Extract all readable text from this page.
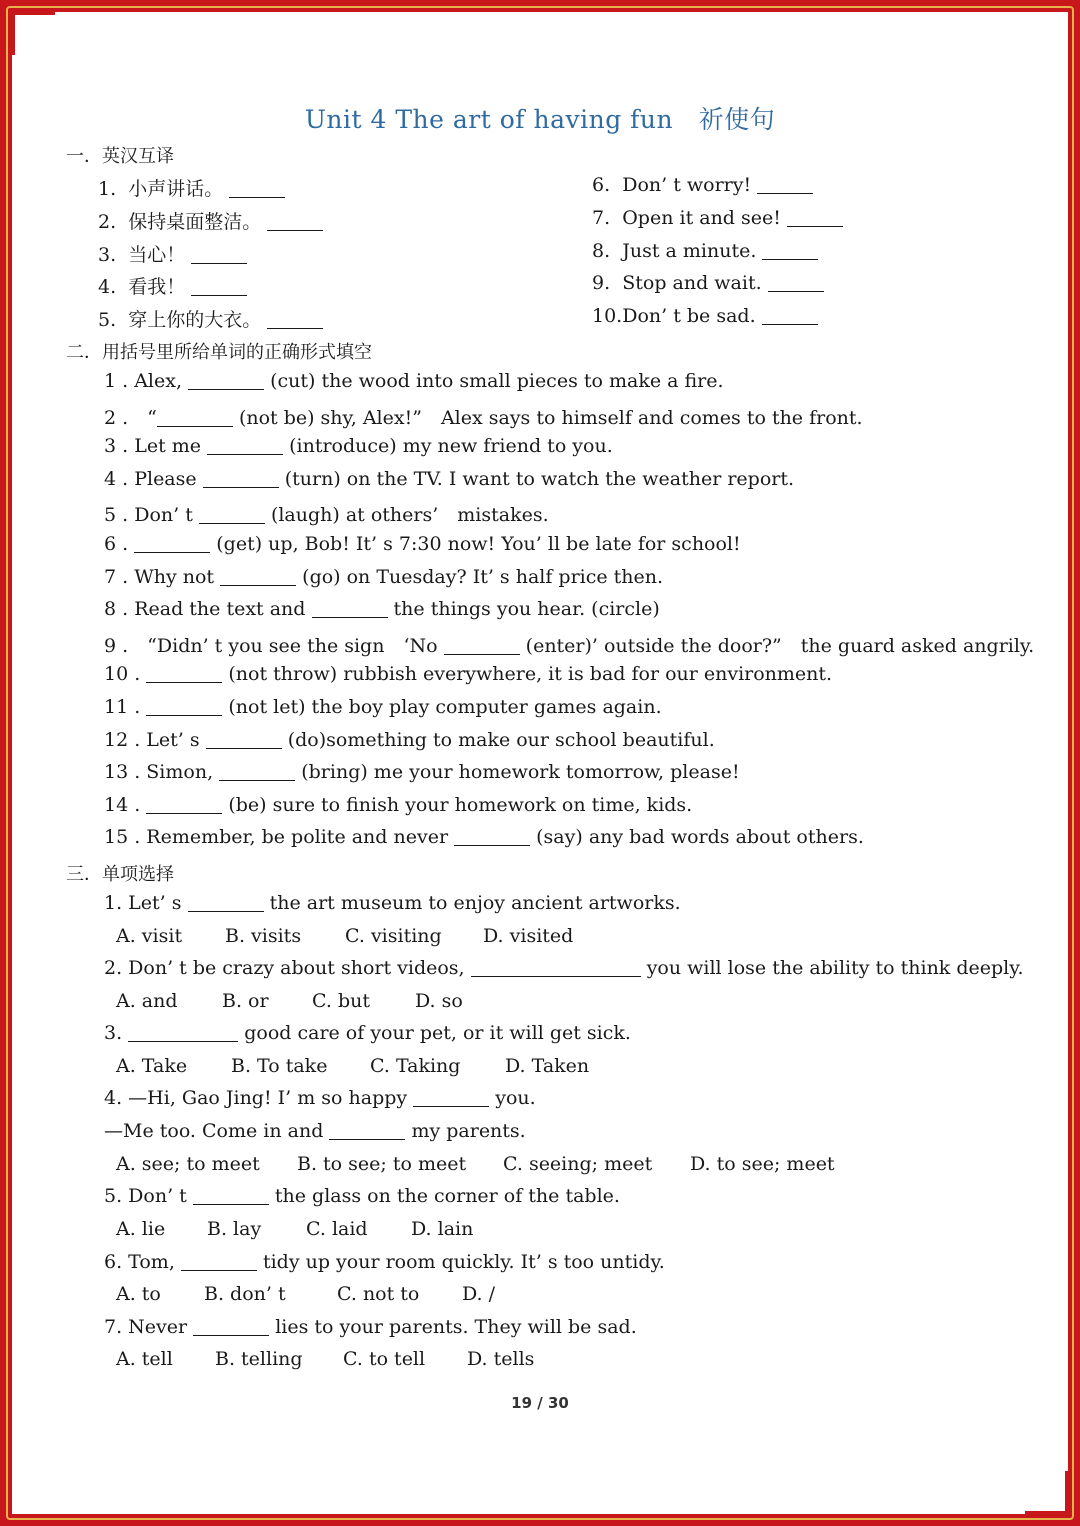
Unit 4 The art of having fun　祈使句
一．英汉互译
1. 小声讲话。
2. 保持桌面整洁。
3. 当心！
4. 看我！
5. 穿上你的大衣。
6. Don’ t worry!
7. Open it and see!
8. Just a minute.
9. Stop and wait.
10.Don’ t be sad.
二．用括号里所给单词的正确形式填空
1 . Alex,	(cut) the wood into small pieces to make a fire.
2 .　“	(not be) shy, Alex!”　Alex says to himself and comes to the front.
3 . Let me	(introduce) my new friend to you.
4 . Please	(turn) on the TV. I want to watch the weather report.
5 . Don’ t	(laugh) at others’　mistakes.
6 .	(get) up, Bob! It’ s 7:30 now! You’ ll be late for school!
7 . Why not	(go) on Tuesday? It’ s half price then.
8 . Read the text and	the things you hear. (circle)
9 .　“Didn’ t you see the sign　‘No	(enter)’ outside the door?”　the guard asked angrily.
10 .	(not throw) rubbish everywhere, it is bad for our environment.
11 .	(not let) the boy play computer games again.
12 . Let’ s	(do)something to make our school beautiful.
13 . Simon,	(bring) me your homework tomorrow, please!
14 .	(be) sure to finish your homework on time, kids.
15 . Remember, be polite and never	(say) any bad words about others.
三．单项选择
1. Let’ s	the art museum to enjoy ancient artworks.
A. visit B. visits C. visiting D. visited
2. Don’ t be crazy about short videos,	you will lose the ability to think deeply.
A. and B. or C. but D. so
3.	good care of your pet, or it will get sick.
A. Take B. To take C. Taking D. Taken
4. —Hi, Gao Jing! I’ m so happy	you.
—Me too. Come in and	my parents.
A. see; to meet B. to see; to meet C. seeing; meet D. to see; meet
5. Don’ t	the glass on the corner of the table.
A. lie B. lay C. laid D. lain
6. Tom,	tidy up your room quickly. It’ s too untidy.
A. to B. don’ t	C. not to D. /
7. Never	lies to your parents. They will be sad.
A. tell B. telling C. to tell D. tells
19 / 30
